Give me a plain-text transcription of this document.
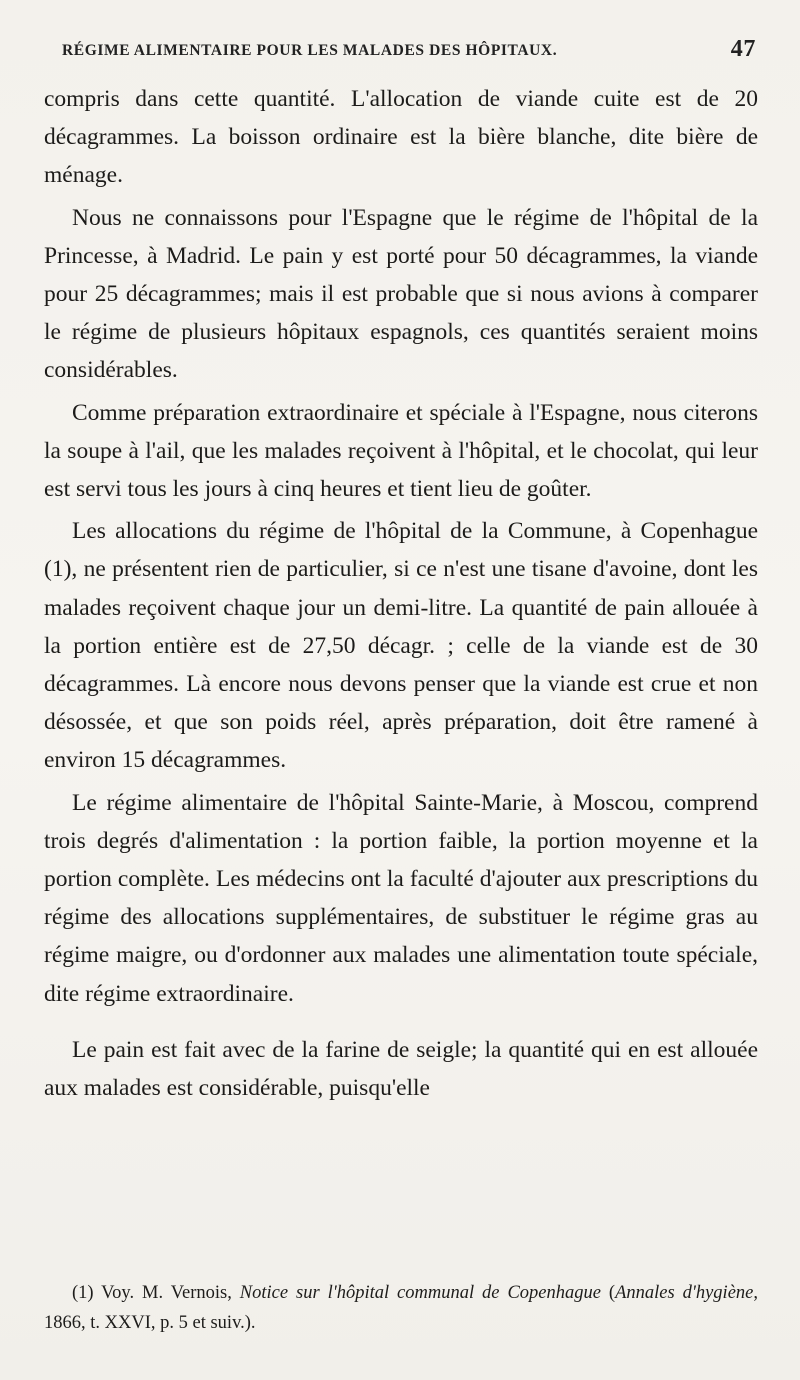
RÉGIME ALIMENTAIRE POUR LES MALADES DES HÔPITAUX.	47

compris dans cette quantité. L'allocation de viande cuite est de 20 décagrammes. La boisson ordinaire est la bière blanche, dite bière de ménage.

Nous ne connaissons pour l'Espagne que le régime de l'hôpital de la Princesse, à Madrid. Le pain y est porté pour 50 décagrammes, la viande pour 25 décagrammes; mais il est probable que si nous avions à comparer le régime de plusieurs hôpitaux espagnols, ces quantités seraient moins considérables.

Comme préparation extraordinaire et spéciale à l'Espagne, nous citerons la soupe à l'ail, que les malades reçoivent à l'hôpital, et le chocolat, qui leur est servi tous les jours à cinq heures et tient lieu de goûter.

Les allocations du régime de l'hôpital de la Commune, à Copenhague (1), ne présentent rien de particulier, si ce n'est une tisane d'avoine, dont les malades reçoivent chaque jour un demi-litre. La quantité de pain allouée à la portion entière est de 27,50 décagr. ; celle de la viande est de 30 décagrammes. Là encore nous devons penser que la viande est crue et non désossée, et que son poids réel, après préparation, doit être ramené à environ 15 décagrammes.

Le régime alimentaire de l'hôpital Sainte-Marie, à Moscou, comprend trois degrés d'alimentation : la portion faible, la portion moyenne et la portion complète. Les médecins ont la faculté d'ajouter aux prescriptions du régime des allocations supplémentaires, de substituer le régime gras au régime maigre, ou d'ordonner aux malades une alimentation toute spéciale, dite régime extraordinaire.

Le pain est fait avec de la farine de seigle; la quantité qui en est allouée aux malades est considérable, puisqu'elle

(1) Voy. M. Vernois, Notice sur l'hôpital communal de Copenhague (Annales d'hygiène, 1866, t. XXVI, p. 5 et suiv.).
